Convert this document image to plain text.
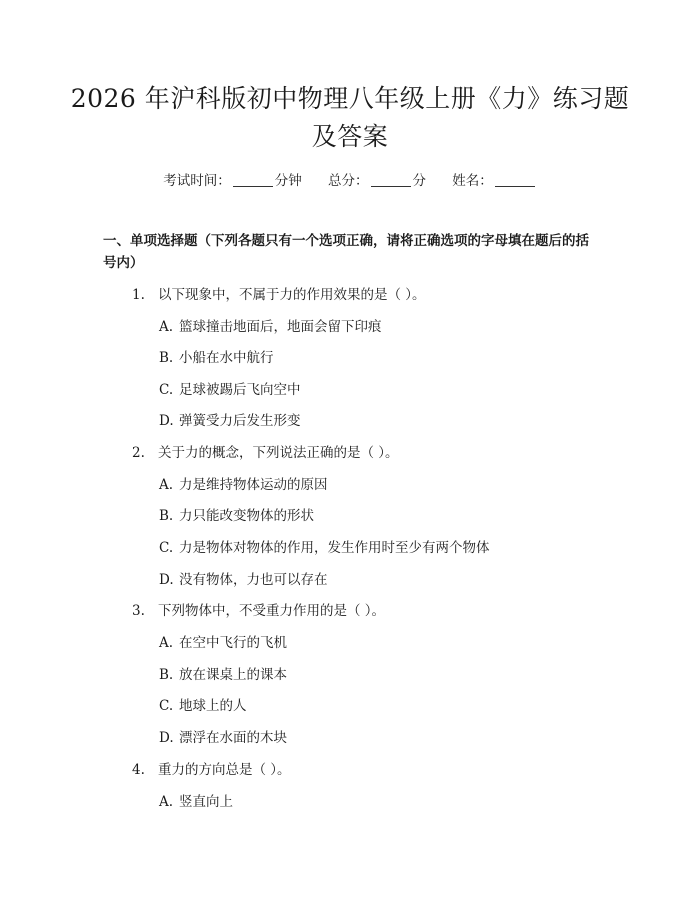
2026 年沪科版初中物理八年级上册《力》练习题及答案
考试时间：	分钟 总分：	分 姓名：
一、单项选择题（下列各题只有一个选项正确，请将正确选项的字母填在题后的括号内）
1. 以下现象中，不属于力的作用效果的是（ ）。
A. 篮球撞击地面后，地面会留下印痕
B. 小船在水中航行
C. 足球被踢后飞向空中
D. 弹簧受力后发生形变
2. 关于力的概念，下列说法正确的是（ ）。
A. 力是维持物体运动的原因
B. 力只能改变物体的形状
C. 力是物体对物体的作用，发生作用时至少有两个物体
D. 没有物体，力也可以存在
3. 下列物体中，不受重力作用的是（ ）。
A. 在空中飞行的飞机
B. 放在课桌上的课本
C. 地球上的人
D. 漂浮在水面的木块
4. 重力的方向总是（ ）。
A. 竖直向上
